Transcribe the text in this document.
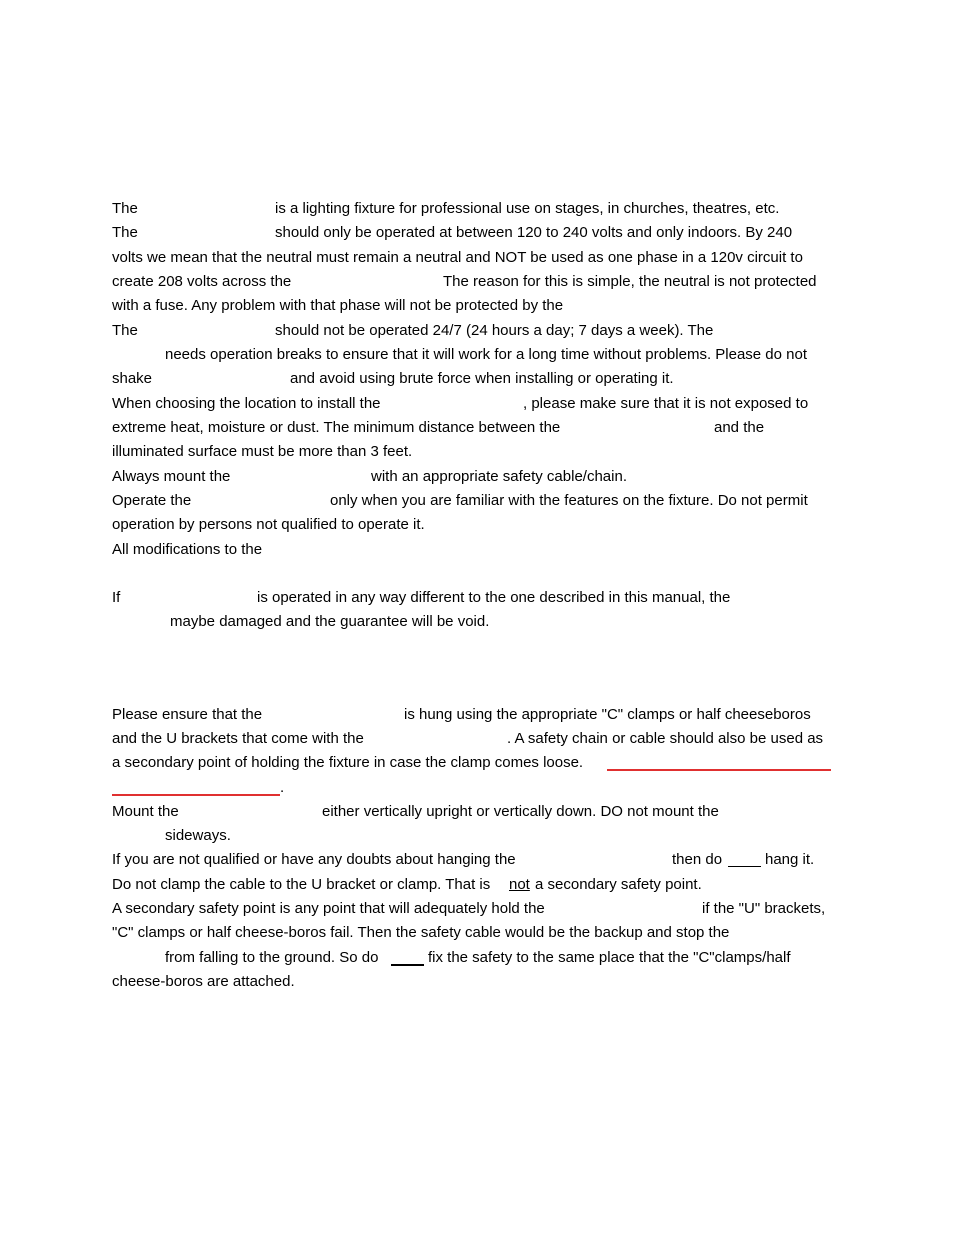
The	is a lighting fixture for professional use on stages, in churches, theatres, etc.
The	should only be operated at between 120 to 240 volts and only indoors. By 240
volts we mean that the neutral must remain a neutral and NOT be used as one phase in a 120v circuit to
create 208 volts across the	The reason for this is simple, the neutral is not protected
with a fuse. Any problem with that phase will not be protected by the
The	should not be operated 24/7 (24 hours a day; 7 days a week). The
needs operation breaks to ensure that it will work for a long time without problems. Please do not
shake	and avoid using brute force when installing or operating it.
When choosing the location to install the	, please make sure that it is not exposed to
extreme heat, moisture or dust. The minimum distance between the	and the
illuminated surface must be more than 3 feet.
Always mount the	with an appropriate safety cable/chain.
Operate the	only when you are familiar with the features on the fixture. Do not permit
operation by persons not qualified to operate it.
All modifications to the
If	is operated in any way different to the one described in this manual, the
maybe damaged and the guarantee will be void.
Please ensure that the	is hung using the appropriate "C" clamps or half cheeseboros
and the U brackets that come with the	. A safety chain or cable should also be used as
a secondary point of holding the fixture in case the clamp comes loose.
.
Mount the	either vertically upright or vertically down. DO not mount the
sideways.
If you are not qualified or have any doubts about hanging the	then do	hang it.
Do not clamp the cable to the U bracket or clamp. That is not a secondary safety point.
A secondary safety point is any point that will adequately hold the	if the "U" brackets,
"C" clamps or half cheese-boros fail. Then the safety cable would be the backup and stop the
from falling to the ground. So do	fix the safety to the same place that the "C"clamps/half
cheese-boros are attached.
